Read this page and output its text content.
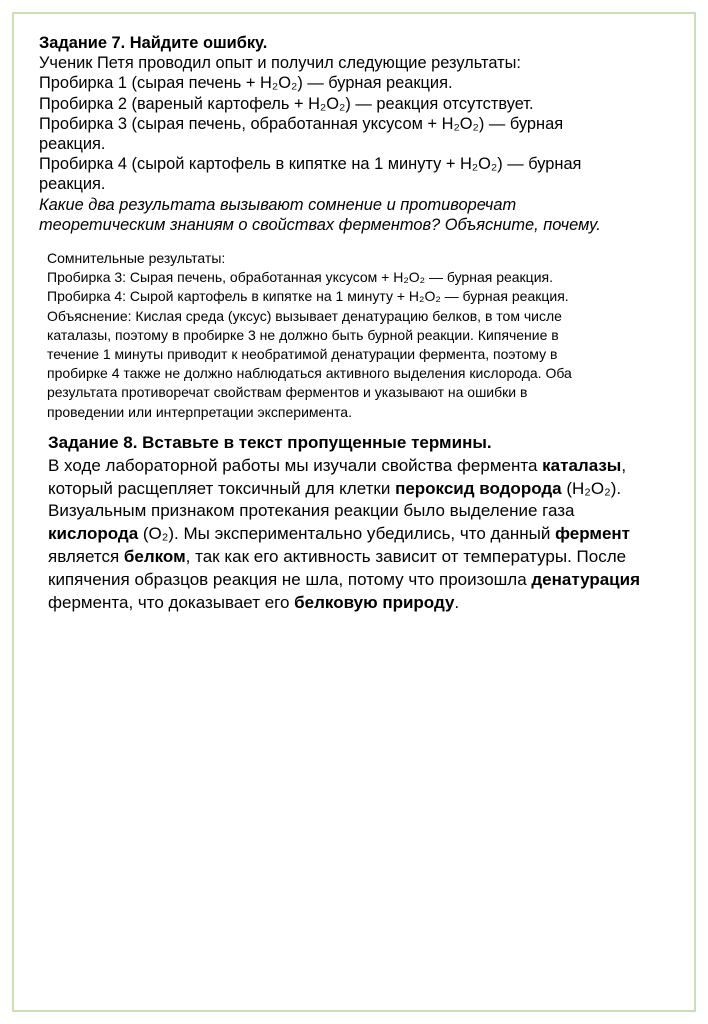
Задание 7. Найдите ошибку.
Ученик Петя проводил опыт и получил следующие результаты:
Пробирка 1 (сырая печень + H₂O₂) — бурная реакция.
Пробирка 2 (вареный картофель + H₂O₂) — реакция отсутствует.
Пробирка 3 (сырая печень, обработанная уксусом + H₂O₂) — бурная
реакция.
Пробирка 4 (сырой картофель в кипятке на 1 минуту + H₂O₂) — бурная
реакция.
Какие два результата вызывают сомнение и противоречат
теоретическим знаниям о свойствах ферментов? Объясните, почему.
Сомнительные результаты:
Пробирка 3: Сырая печень, обработанная уксусом + H₂O₂ — бурная реакция.
Пробирка 4: Сырой картофель в кипятке на 1 минуту + H₂O₂ — бурная реакция.
Объяснение: Кислая среда (уксус) вызывает денатурацию белков, в том числе
каталазы, поэтому в пробирке 3 не должно быть бурной реакции. Кипячение в
течение 1 минуты приводит к необратимой денатурации фермента, поэтому в
пробирке 4 также не должно наблюдаться активного выделения кислорода. Оба
результата противоречат свойствам ферментов и указывают на ошибки в
проведении или интерпретации эксперимента.
Задание 8. Вставьте в текст пропущенные термины.
В ходе лабораторной работы мы изучали свойства фермента каталазы,
который расщепляет токсичный для клетки пероксид водорода (H₂O₂).
Визуальным признаком протекания реакции было выделение газа
кислорода (O₂). Мы экспериментально убедились, что данный фермент
является белком, так как его активность зависит от температуры. После
кипячения образцов реакция не шла, потому что произошла денатурация
фермента, что доказывает его белковую природу.
